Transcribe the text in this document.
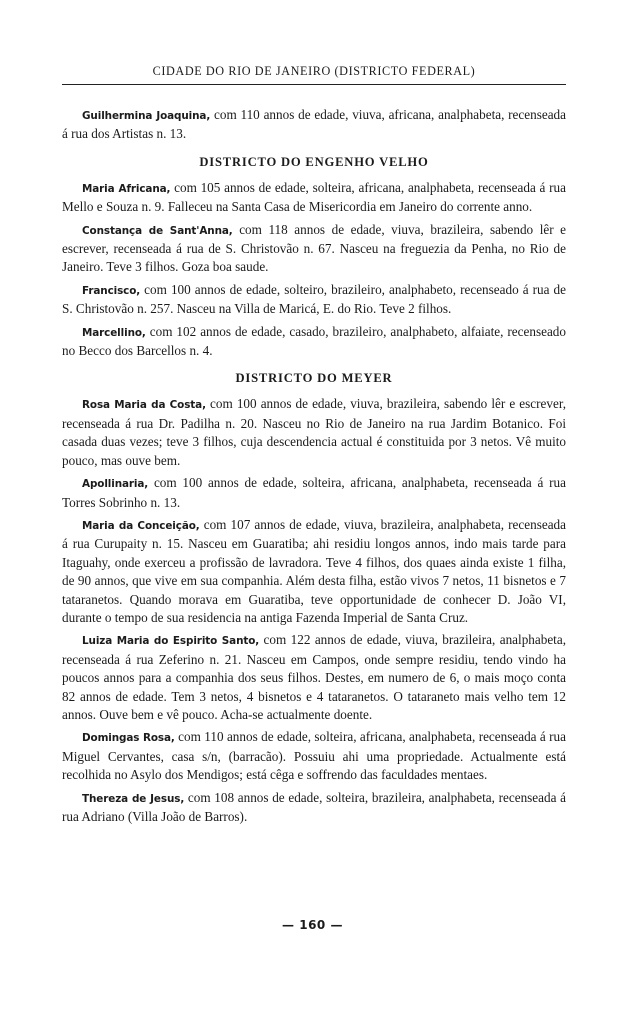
CIDADE DO RIO DE JANEIRO (DISTRICTO FEDERAL)

Guilhermina Joaquina, com 110 annos de edade, viuva, africana, analphabeta, recenseada á rua dos Artistas n. 13.

DISTRICTO DO ENGENHO VELHO

Maria Africana, com 105 annos de edade, solteira, africana, analphabeta, recenseada á rua Mello e Souza n. 9. Falleceu na Santa Casa de Misericordia em Janeiro do corrente anno.

Constança de Sant'Anna, com 118 annos de edade, viuva, brazileira, sabendo lêr e escrever, recenseada á rua de S. Christovão n. 67. Nasceu na freguezia da Penha, no Rio de Janeiro. Teve 3 filhos. Goza boa saude.

Francisco, com 100 annos de edade, solteiro, brazileiro, analphabeto, recenseado á rua de S. Christovão n. 257. Nasceu na Villa de Maricá, E. do Rio. Teve 2 filhos.

Marcellino, com 102 annos de edade, casado, brazileiro, analphabeto, alfaiate, recenseado no Becco dos Barcellos n. 4.

DISTRICTO DO MEYER

Rosa Maria da Costa, com 100 annos de edade, viuva, brazileira, sabendo lêr e escrever, recenseada á rua Dr. Padilha n. 20. Nasceu no Rio de Janeiro na rua Jardim Botanico. Foi casada duas vezes; teve 3 filhos, cuja descendencia actual é constituida por 3 netos. Vê muito pouco, mas ouve bem.

Apollinaria, com 100 annos de edade, solteira, africana, analphabeta, recenseada á rua Torres Sobrinho n. 13.

Maria da Conceição, com 107 annos de edade, viuva, brazileira, analphabeta, recenseada á rua Curupaity n. 15. Nasceu em Guaratiba; ahi residiu longos annos, indo mais tarde para Itaguahy, onde exerceu a profissão de lavradora. Teve 4 filhos, dos quaes ainda existe 1 filha, de 90 annos, que vive em sua companhia. Além desta filha, estão vivos 7 netos, 11 bisnetos e 7 tataranetos. Quando morava em Guaratiba, teve opportunidade de conhecer D. João VI, durante o tempo de sua residencia na antiga Fazenda Imperial de Santa Cruz.

Luiza Maria do Espirito Santo, com 122 annos de edade, viuva, brazileira, analphabeta, recenseada á rua Zeferino n. 21. Nasceu em Campos, onde sempre residiu, tendo vindo ha poucos annos para a companhia dos seus filhos. Destes, em numero de 6, o mais moço conta 82 annos de edade. Tem 3 netos, 4 bisnetos e 4 tataranetos. O tataraneto mais velho tem 12 annos. Ouve bem e vê pouco. Acha-se actualmente doente.

Domingas Rosa, com 110 annos de edade, solteira, africana, analphabeta, recenseada á rua Miguel Cervantes, casa s/n, (barracão). Possuiu ahi uma propriedade. Actualmente está recolhida no Asylo dos Mendigos; está cêga e soffrendo das faculdades mentaes.

Thereza de Jesus, com 108 annos de edade, solteira, brazileira, analphabeta, recenseada á rua Adriano (Villa João de Barros).

— 160 —
